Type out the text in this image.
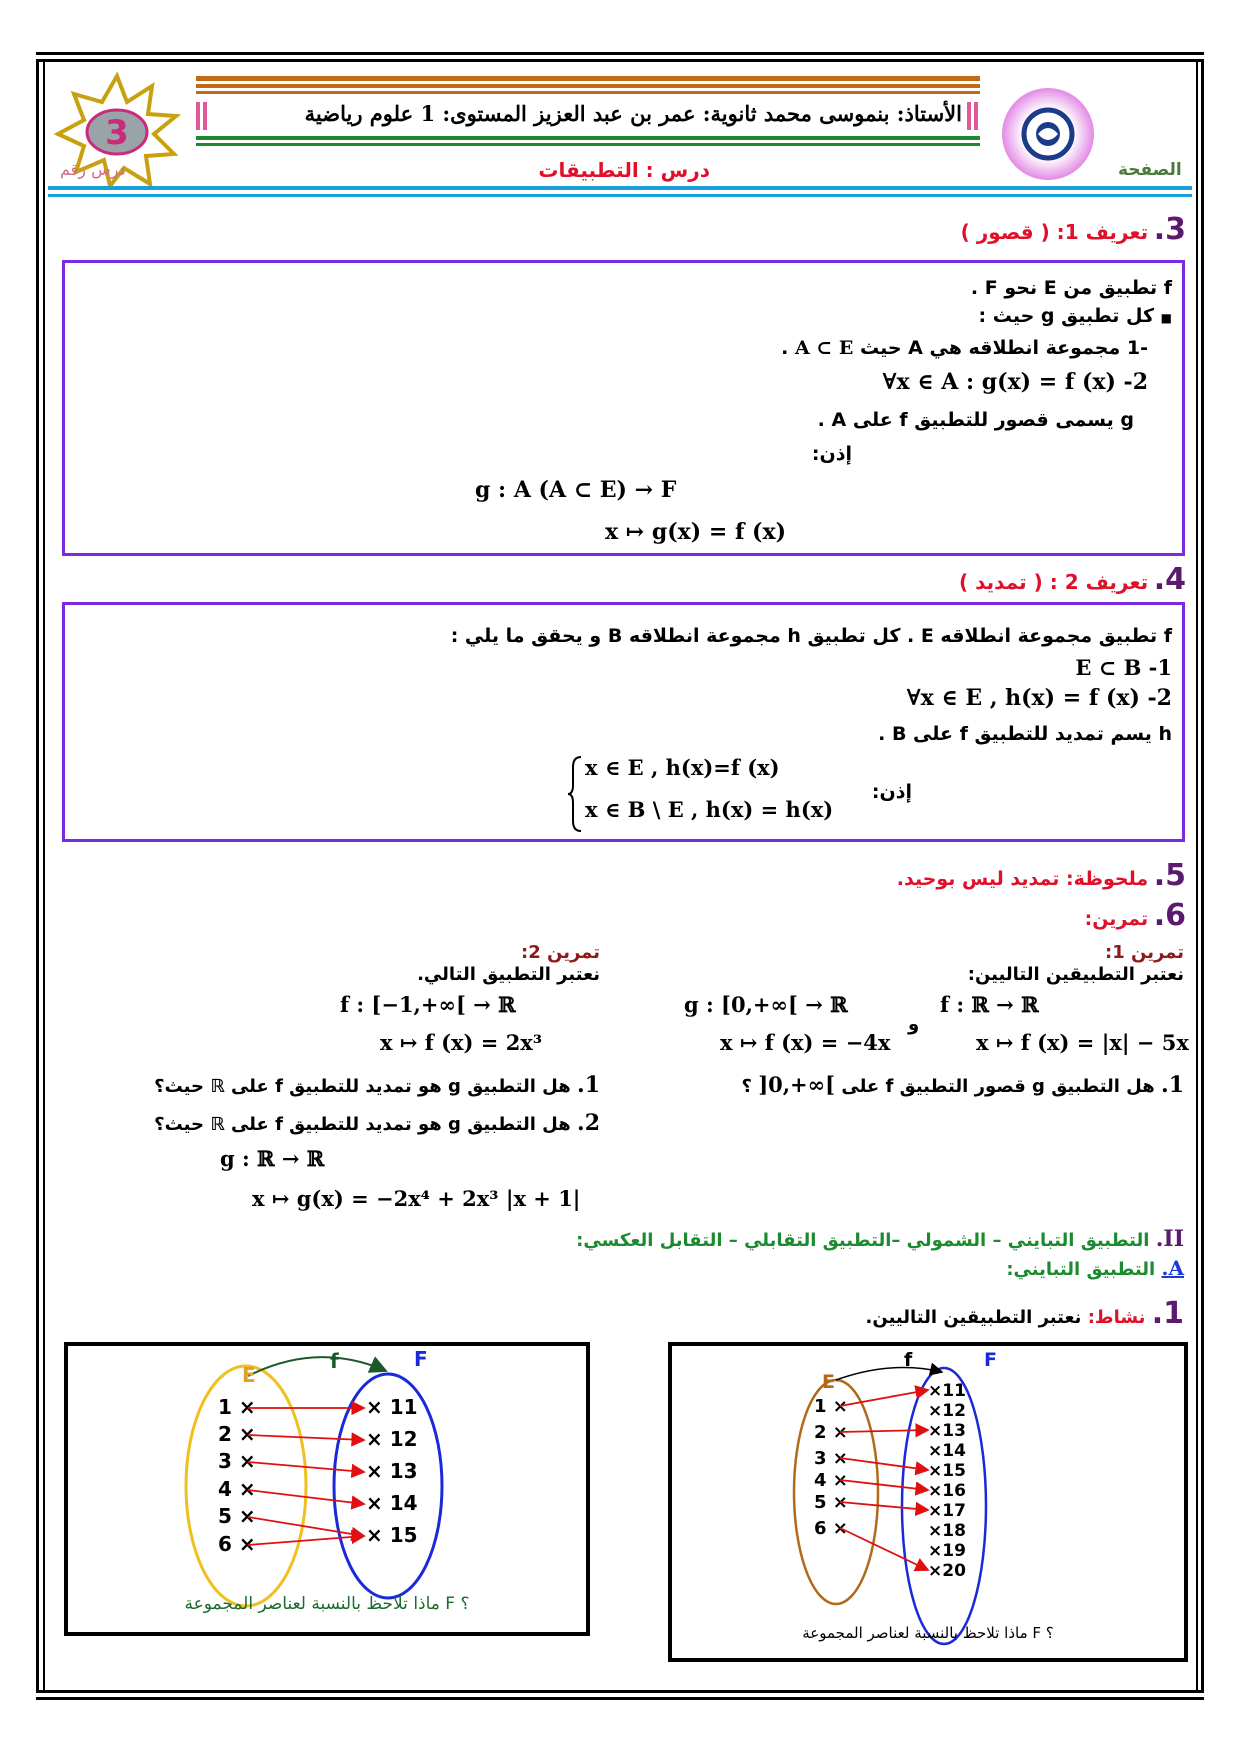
3	الأستاذ: بنموسى محمد ثانوية: عمر بن عبد العزيز المستوى: 1 علوم رياضية
درس رقم	درس : التطبيقات	الصفحة
3. تعريف 1: ( قصور )
f تطبيق من E نحو F .
■ كل تطبيق g حيث :
-1 مجموعة انطلاقه هي A حيث A ⊂ E .
∀x ∈ A : g(x) = f (x) -2
g يسمى قصور للتطبيق f على A .
إذن:
g : A (A ⊂ E) → F
x ↦ g(x) = f (x)
4. تعريف 2 : ( تمديد )
f تطبيق مجموعة انطلاقه E . كل تطبيق h مجموعة انطلاقه B و يحقق ما يلي :
E ⊂ B -1
∀x ∈ E , h(x) = f (x) -2
h يسم تمديد للتطبيق f على B .
إذن:
x ∈ E , h(x)=f (x)
x ∈ B \ E , h(x) = h(x)
5. ملحوظة: تمديد ليس بوحيد.
6. تمرين:
تمرين 1:
نعتبر التطبيقين التاليين:
f : ℝ → ℝ
x ↦ f (x) = |x| − 5x
و
g : [0,+∞[ → ℝ
x ↦ f (x) = −4x
1. هل التطبيق g قصور التطبيق f على ]0,+∞[ ؟
تمرين 2:
نعتبر التطبيق التالي.
f : [−1,+∞[ → ℝ
x ↦ f (x) = 2x³
1. هل التطبيق g هو تمديد للتطبيق f على ℝ حيث؟
2. هل التطبيق g هو تمديد للتطبيق f على ℝ حيث؟
g : ℝ → ℝ
x ↦ g(x) = −2x⁴ + 2x³ |x + 1|
II. التطبيق التبايني – الشمولي –التطبيق التقابلي – التقابل العكسي:
A. التطبيق التبايني:
1. نشاط: نعتبر التطبيقين التاليين.
E
f	F
1 ×
2 ×
3 ×
4 ×
5 ×
6 ×
× 11
× 12
× 13
× 14
× 15
ماذا تلاحظ بالنسبة لعناصر المجموعة F ؟
E
f	F
1 ×
2 ×
3 ×
4 ×
5 ×
6 ×
×11
×12
×13
×14
×15
×16
×17
×18
×19
×20
ماذا تلاحظ بالنسبة لعناصر المجموعة F ؟
